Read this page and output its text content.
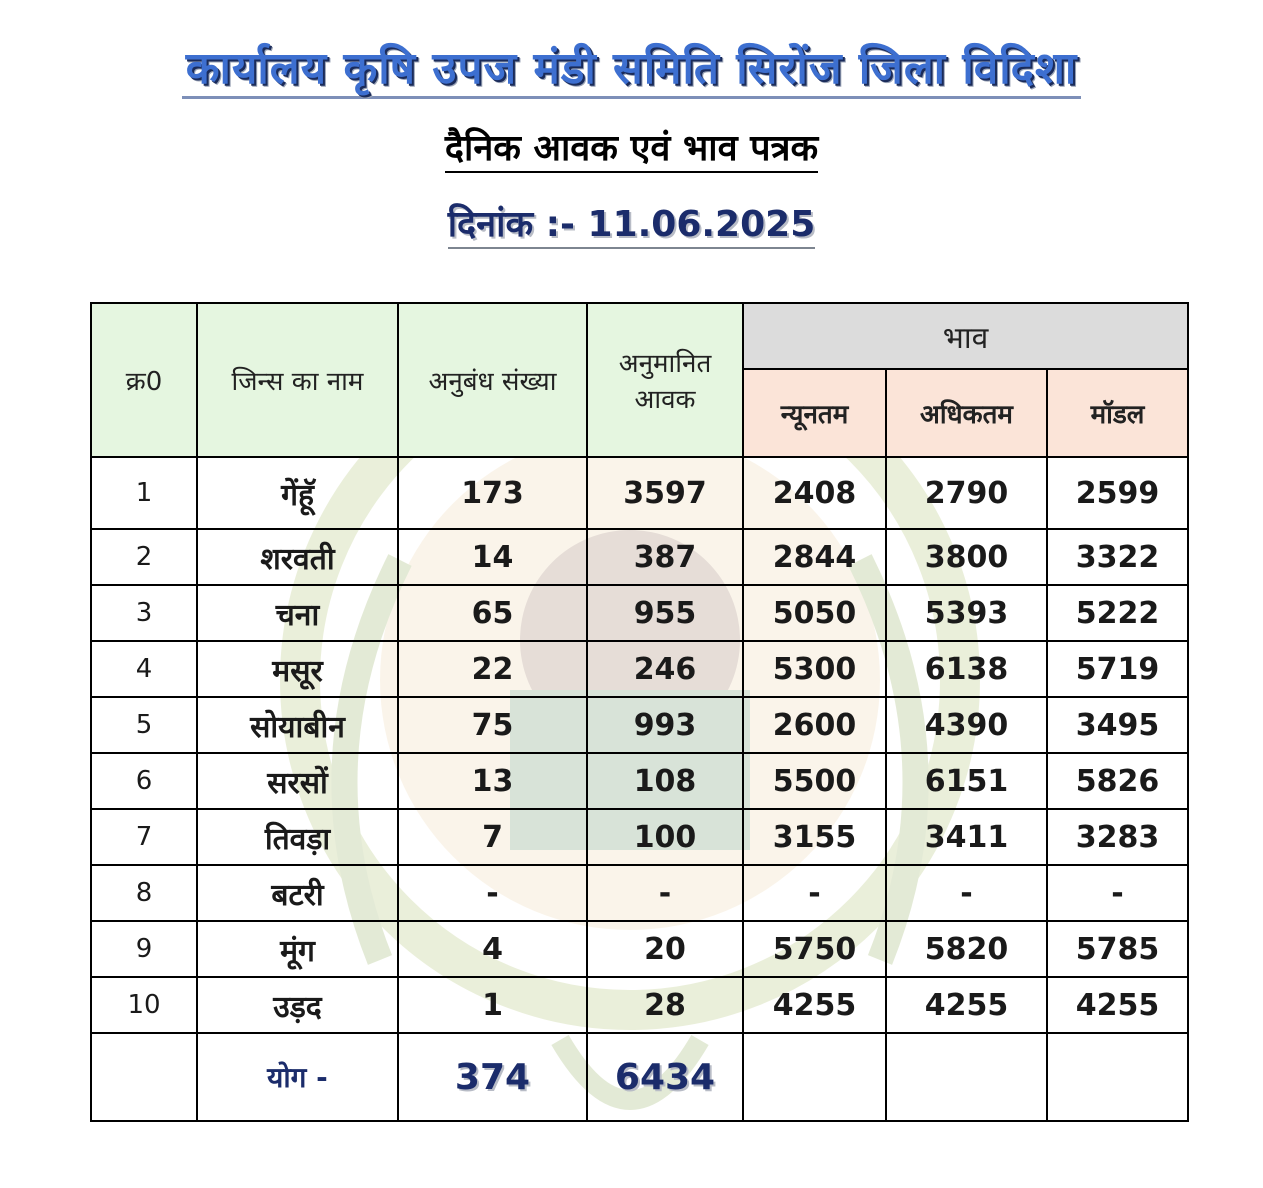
कार्यालय कृषि उपज मंडी समिति सिरोंज जिला विदिशा
दैनिक आवक एवं भाव पत्रक
दिनांक :- 11.06.2025
क्र0	जिन्स का नाम	अनुबंध संख्या	अनुमानित आवक	भाव		
				न्यूनतम	अधिकतम	मॉडल
1	गेंहूॅ	173	3597	2408	2790	2599
2	शरवती	14	387	2844	3800	3322
3	चना	65	955	5050	5393	5222
4	मसूर	22	246	5300	6138	5719
5	सोयाबीन	75	993	2600	4390	3495
6	सरसों	13	108	5500	6151	5826
7	तिवड़ा	7	100	3155	3411	3283
8	बटरी	-	-	-	-	-
9	मूंग	4	20	5750	5820	5785
10	उड़द	1	28	4255	4255	4255
	योग -	374	6434			
